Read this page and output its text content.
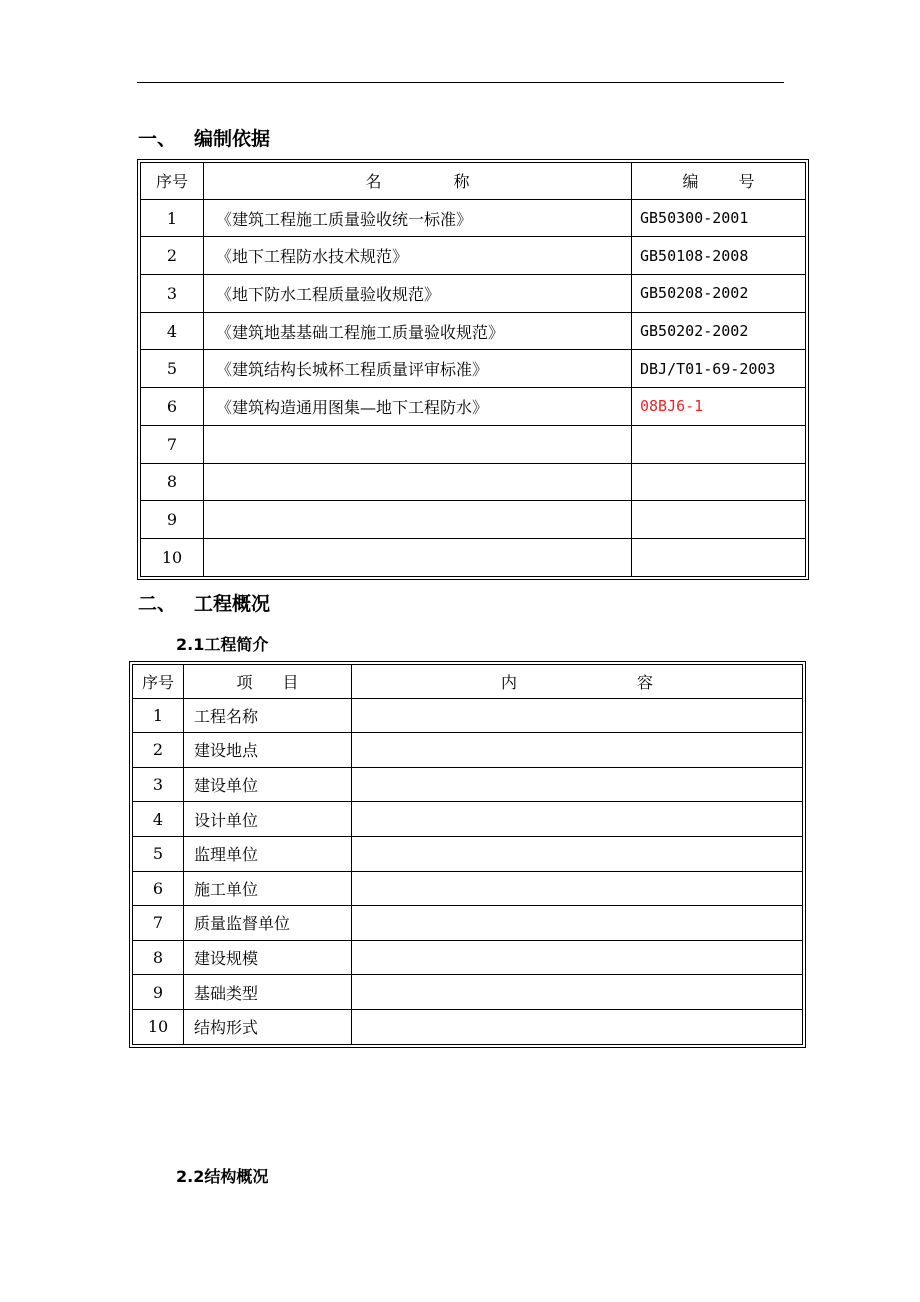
一、 编制依据
序号	名 称	编 号
1	《建筑工程施工质量验收统一标准》	GB50300-2001
2	《地下工程防水技术规范》	GB50108-2008
3	《地下防水工程质量验收规范》	GB50208-2002
4	《建筑地基基础工程施工质量验收规范》	GB50202-2002
5	《建筑结构长城杯工程质量评审标准》	DBJ/T01-69-2003
6	《建筑构造通用图集—地下工程防水》	08BJ6-1
7		
8		
9		
10		
二、 工程概况
2.1工程简介
序号	项 目	内 容
1	工程名称	
2	建设地点	
3	建设单位	
4	设计单位	
5	监理单位	
6	施工单位	
7	质量监督单位	
8	建设规模	
9	基础类型	
10	结构形式	
2.2结构概况
